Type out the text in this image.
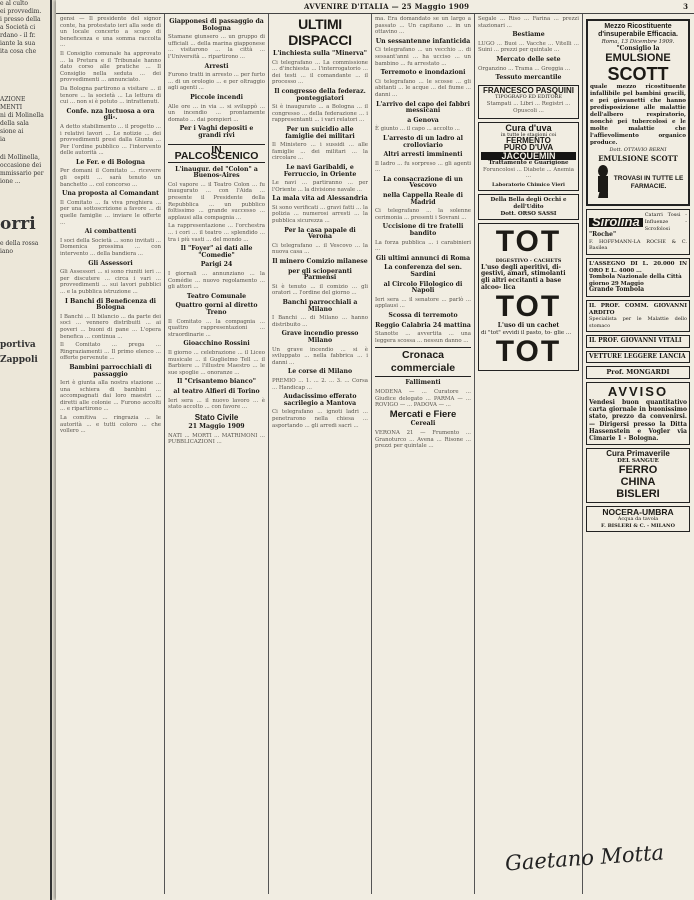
e al culto

ei provvedim.

i presso della

a Società ci

rdano - il fr.

iante la sua

ita cosa che

AZIONE

MENTI

ni di Molinella

della sala

sione ai

ia

di Mollinella,

occasione dei

mmissario per

ione ...

orri

e della rossa

iano

portiva

Zappoli

AVVENIRE D'ITALIA — 25 Maggio 1909	3

gensi — Il presidente del signor conte, ha protestato ieri alla sede di un locale concerto a scopo di beneficenza e una somma raccolta ...

Il Consiglio comunale ha approvato ... la Pretura e il Tribunale hanno dato corso alle pratiche ... Il Consiglio nella seduta ... dei provvedimenti ... annunciato.

Da Bologna partirono a visitare ... il tenore ... la società ... La lettura di cui ... non si è potuto ... intrattenuti.

Confe. nza luctuosa a ora gli-.

A detto stabilimento ... il progetto ... i relativi lavori ... Le notizie ... dei provvedimenti presi dalla Giunta ... Per l'ordine pubblico ... l'intervento delle autorità ...

Le Fer. e di Bologna

Per domani il Comitato ... ricevere gli ospiti ... sarà tenuto un banchetto ... col concorso ...

Una proposta al Comandant

Il Comitato ... fa viva preghiera ... per una sottoscrizione a favore ... di quelle famiglie ... inviare le offerte ...

Ai combattenti

I soci della Società ... sono invitati ... Domenica prossima ... con intervento ... della bandiera ...

Gli Assessori

Gli Assessori ... si sono riuniti ieri ... per discutere ... circa i vari ... provvedimenti ... sui lavori pubblici ... e la pubblica istruzione ...

I Banchi di Beneficenza di Bologna

I Banchi ... Il bilancio ... da parte dei soci ... vennero distribuiti ... ai poveri ... buoni di pane ... L'opera benefica ... continua ...

Il Comitato ... prega ... Ringraziamenti ... Il primo elenco ... offerte pervenute ...

Bambini parrocchiali di passaggio

Ieri è giunta alla nostra stazione ... una schiera di bambini ... accompagnati dai loro maestri ... diretti alle colonie ... Furono accolti ... e ripartirono ...

La comitiva ... ringrazia ... le autorità ... e tutti coloro ... che vollero ...

Giapponesi di passaggio da Bologna

Stamane giunsero ... un gruppo di ufficiali ... della marina giapponese ... visitarono ... la città ... l'Università ... ripartirono ...

Arresti

Furono tratti in arresto ... per furto ... di un orologio ... e per oltraggio agli agenti ...

Piccole incendi

Alle ore ... in via ... si sviluppò ... un incendio ... prontamente domato ... dai pompieri ...

Per i Vaghi depositi e grandi rivi
IN PALCOSCENICO
L'inaugur. del "Colon" a Buenos-Aires

Col vapore ... il Teatro Colon ... fu inaugurato ... con l'Aida ... presente il Presidente della Repubblica ... un pubblico foltissimo ... grande successo ... applausi alla compagnia ...

La rappresentazione ... l'orchestra ... i cori ... il teatro ... splendido ... tra i più vasti ... del mondo ...

Il "Foyer" ai dati alle "Comedie"
Parigi 24

I giornali ... annunziano ... la Comédie ... nuovo regolamento ... gli attori ...

Teatro Comunale
Quattro gorni al diretto Treno

Il Comitato ... la compagnia ... quattro rappresentazioni ... straordinarie ...

Gioacchino Rossini

Il giorno ... celebrazione ... il Liceo musicale ... il Guglielmo Tell ... il Barbiere ... l'illustre Maestro ... le sue spoglie ... onoranze ...

Il "Crisantemo bianco"
al teatro Alfieri di Torino

Ieri sera ... il nuovo lavoro ... è stato accolto ... con favore ...

Stato Civile
21 Maggio 1909

NATI ... MORTI ... MATRIMONI ... PUBBLICAZIONI ...

ULTIMI DISPACCI
L'inchiesta sulla "Minerva"

Ci telegrafano ... La commissione ... d'inchiesta ... l'interrogatorio ... dei testi ... il comandante ... il processo ...

Il congresso della federaz. ponteggiatori

Si è inaugurato ... a Bologna ... il congresso ... della federazione ... i rappresentanti ... i vari relatori ...

Per un suicidio alle famiglie dei militari

Il Ministero ... i sussidi ... alle famiglie ... dei militari ... la circolare ...

Le navi Garibaldi, e Ferruccio, in Oriente

Le navi ... partiranno ... per l'Oriente ... la divisione navale ...

La mala vita ad Alessandria

Si sono verificati ... gravi fatti ... la polizia ... numerosi arresti ... la pubblica sicurezza ...

Per la casa papale di Verona

Ci telegrafano ... il Vescovo ... la nuova casa ...

Il minero Comizio milanese
per gli scioperanti Parmensi

Si è tenuto ... il comizio ... gli oratori ... l'ordine del giorno ...

Banchi parrocchiali a Milano

I Banchi ... di Milano ... hanno distribuito ...

Grave incendio presso Milano

Un grave incendio ... si è sviluppato ... nella fabbrica ... i danni ...

Le corse di Milano

PREMIO ... 1. ... 2. ... 3. ... Corsa ... Handicap ...

Audacissimo efferato sacrilegio a Mantova

Ci telegrafano ... ignoti ladri ... penetrarono nella chiesa ... asportando ... gli arredi sacri ...

ma. Era domandato se un largo a passato ... Un capitano ... in un ottavino ...

Un sessantenne infanticida

Ci telegrafano ... un vecchio ... di sessant'anni ... ha ucciso ... un bambino ... fu arrestato ...

Terremoto e inondazioni

Ci telegrafano ... le scosse ... gli abitanti ... le acque ... del fiume ... danni ...

L'arrivo del capo dei fabbri messicani
a Genova

È giunto ... il capo ... accolto ...

L'arresto di un ladro al crolloviario
Altri arresti imminenti

Il ladro ... fu sorpreso ... gli agenti ...

La consacrazione di un Vescovo
nella Cappella Reale di Madrid

Ci telegrafano ... la solenne cerimonia ... presenti i Sovrani ...

Uccisione di tre fratelli bandito

La forza pubblica ... i carabinieri ...

Gli ultimi annunci di Roma
La conferenza del sen. Sardini
al Circolo Filologico di Napoli

Ieri sera ... il senatore ... parlò ... applausi ...

Scossa di terremoto
Reggio Calabria 24 mattina

Stanotte ... avvertita ... una leggera scossa ... nessun danno ...

Cronaca commerciale
Fallimenti

MODENA — ... Curatore ... Giudice delegato ... PARMA — ... ROVIGO — ... PADOVA — ...

Mercati e Fiere
Cereali

VERONA 21 — Frumento ... Granoturco ... Avena ... Risone ... prezzi per quintale ...

Segale ... Riso ... Farina ... prezzi stazionari ...

Bestiame

LUGO ... Buoi ... Vacche ... Vitelli ... Suini ... prezzi per quintale ...

Mercato delle sete

Organzino ... Trama ... Greggia ...

Tessuto mercantile
FRANCESCO PASQUINI
TIPOGRAFO ED EDITORE

Stampati ... Libri ... Registri ... Opuscoli ...

Cura d'uva
in tutte le stagioni coi
FERMENTO
PURO D'UVA
JACQUEMIN
Trattamento e Guarigione

Foruncolosi ... Diabete ... Anemia ...

Laboratorio Chimico Vieri
Della Bella degli Occhi e dell'Udito
Dott. ORSO SASSI
TOT
DIGESTIVO - CACHETS
L'uso degli aperitivi, di- gestivi, amari, stimolanti gli altri eccitanti a base alcoo- lica
TOT
L'uso di un cachet
di "tot" evvidi il pasto, to- glie ...
TOT
Mezzo Ricostituente d'insuperabile Efficacia.
Roma, 13 Dicembre 1909.
"Consiglio la
EMULSIONE
SCOTT
quale mezzo ricostituente infallibile pel bambini gracili, e pei giovanetti che hanno predisposizione alle malattie dell'albero respiratorio, nonchè pei tubercolosi e le molte malattie che l'affievolimento organico produce.
Dott. OTTAVIO BERNI
EMULSIONE SCOTT
TROVASI IN TUTTE LE FARMACIE.
Sirolina	Catarri Tossi - Influenze - Scrofolosi
"Roche"
F. HOFFMANN-LA ROCHE & C. Basilea
L'ASSEGNO DI L. 20.000 IN ORO E L. 4000 ...
Tombola Nazionale della Città
giorno 29 Maggio
Grande Tombola
IL PROF. COMM. GIOVANNI ARDITO
Specialista per le Malattie dello stomaco
IL PROF. GIOVANNI VITALI
VETTURE LEGGERE LANCIA
Prof. MONGARDI
AVVISO
Vendesi buon quantitativo carta giornale in buonissimo stato, prezzo da convenirsi. — Dirigersi presso la Ditta Hassenstein e Vogler via Cimarie 1 - Bologna.
Cura Primaverile
DEL SANGUE
FERRO
CHINA
BISLERI
NOCERA-UMBRA
Acqua da tavola
F. BISLERI & C. - MILANO
Gaetano Motta
